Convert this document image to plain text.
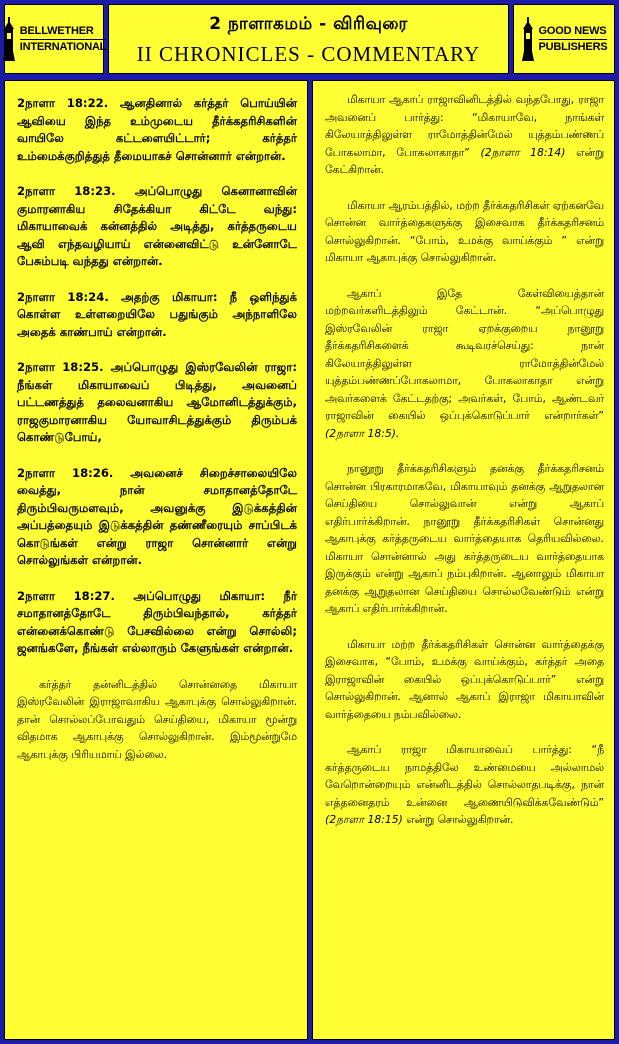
BELLWETHER
INTERNATIONAL
2 நாளாகமம் - விரிவுரை
II CHRONICLES - COMMENTARY
GOOD NEWS
PUBLISHERS

2நாளா 18:22. ஆனதினால் கர்த்தர் பொய்யின் ஆவியை இந்த உம்முடைய தீர்க்கதரிசிகளின் வாயிலே கட்டளையிட்டார்; கர்த்தர் உம்மைக்குறித்துத் தீமையாகச் சொன்னார் என்றான்.

2நாளா 18:23. அப்பொழுது கெனானாவின் குமாரனாகிய சிதேக்கியா கிட்டே வந்து: மிகாயாவைக் கன்னத்தில் அடித்து, கர்த்தருடைய ஆவி எந்தவழியாய் என்னைவிட்டு உன்னோடே பேசும்படி வந்தது என்றான்.

2நாளா 18:24. அதற்கு மிகாயா: நீ ஒளிந்துக் கொள்ள உள்ளறையிலே பதுங்கும் அந்நாளிலே அதைக் காண்பாய் என்றான்.

2நாளா 18:25. அப்பொழுது இஸ்ரவேலின் ராஜா: நீங்கள் மிகாயாவைப் பிடித்து, அவனைப் பட்டணத்துத் தலைவனாகிய ஆமோனிடத்துக்கும், ராஜகுமாரனாகிய யோவாசிடத்துக்கும் திரும்பக் கொண்டுபோய்,

2நாளா 18:26. அவனைச் சிறைச்சாலையிலே வைத்து, நான் சமாதானத்தோடே திரும்பிவருமளவும், அவனுக்கு இடுக்கத்தின் அப்பத்தையும் இடுக்கத்தின் தண்ணீரையும் சாப்பிடக் கொடுங்கள் என்று ராஜா சொன்னார் என்று சொல்லுங்கள் என்றான்.

2நாளா 18:27. அப்பொழுது மிகாயா: நீர் சமாதானத்தோடே திரும்பிவந்தால், கர்த்தர் என்னைக்கொண்டு பேசவில்லை என்று சொல்லி; ஜனங்களே, நீங்கள் எல்லாரும் கேளுங்கள் என்றான்.

கர்த்தர் தன்னிடத்தில் சொன்னதை மிகாயா இஸ்ரவேலின் இராஜாவாகிய ஆகாபுக்கு சொல்லுகிறான். தான் சொல்லப்போவதும் செய்தியை, மிகாயா மூன்று விதமாக ஆகாபுக்கு சொல்லுகிறான். இம்மூன்றுமே ஆகாபுக்கு பிரியமாய் இல்லை.

மிகாயா ஆகாப் ராஜாவினிடத்தில் வந்தபோது, ராஜா அவனைப் பார்த்து: “மிகாயாவே, நாங்கள் கிலேயாத்திலுள்ள ராமோத்தின்மேல் யுத்தம்பண்ணப் போகலாமா, போகலாகாதா” (2நாளா 18:14) என்று கேட்கிறான்.

மிகாயா ஆரம்பத்தில், மற்ற தீர்க்கதரிசிகள் ஏற்கனவே சொன்ன வார்த்தைகளுக்கு இசைவாக தீர்க்கதரிசனம் சொல்லுகிறான். “போம், உமக்கு வாய்க்கும் ” என்று மிகாயா ஆகாபுக்கு சொல்லுகிறான்.

ஆகாப் இதே கேள்வியைத்தான் மற்றவர்களிடத்திலும் கேட்டான். “அப்பொழுது இஸ்ரவேலின் ராஜா ஏறக்குறைய நானூறு தீர்க்கதரிசிகளைக் கூடிவரச்செய்து: நான் கிலேயாத்திலுள்ள ராமோத்தின்மேல் யுத்தம்பண்ணப்போகலாமா, போகலாகாதா என்று அவர்களைக் கேட்டதற்கு; அவர்கள், போம், ஆண்டவர் ராஜாவின் கையில் ஒப்புக்கொடுப்பார் என்றார்கள்” (2நாளா 18:5).

நானூறு தீர்க்கதரிசிகளும் தனக்கு தீர்க்கதரிசனம் சொன்ன பிரகாரமாகவே, மிகாயாவும் தனக்கு ஆறுதலான செய்தியை சொல்லுவான் என்று ஆகாப் எதிர்பார்க்கிறான். நானூறு தீர்க்கதரிசிகள் சொன்னது ஆகாபுக்கு கர்த்தருடைய வார்த்தையாக தெரியவில்லை. மிகாயா சொன்னால் அது கர்த்தருடைய வார்த்தையாக இருக்கும் என்று ஆகாப் நம்புகிறான். ஆனாலும் மிகாயா தனக்கு ஆறுதலான செய்தியை சொல்லவேண்டும் என்று ஆகாப் எதிர்பார்க்கிறான்.

மிகாயா மற்ற தீர்க்கதரிசிகள் சொன்ன வார்த்தைக்கு இசைவாக, “போம், உமக்கு வாய்க்கும், கர்த்தர் அதை இராஜாவின் கையில் ஒப்புக்கொடுப்பார்” என்று சொல்லுகிறான். ஆனால் ஆகாப் இராஜா மிகாயாவின் வார்த்தையை நம்பவில்லை.

ஆகாப் ராஜா மிகாயாவைப் பார்த்து: “நீ கர்த்தருடைய நாமத்திலே உண்மையை அல்லாமல் வேறொன்றையும் என்னிடத்தில் சொல்லாதபடிக்கு, நான் எத்தனைதரம் உன்னை ஆணையிடுவிக்கவேண்டும்” (2நாளா 18:15) என்று சொல்லுகிறான்.
